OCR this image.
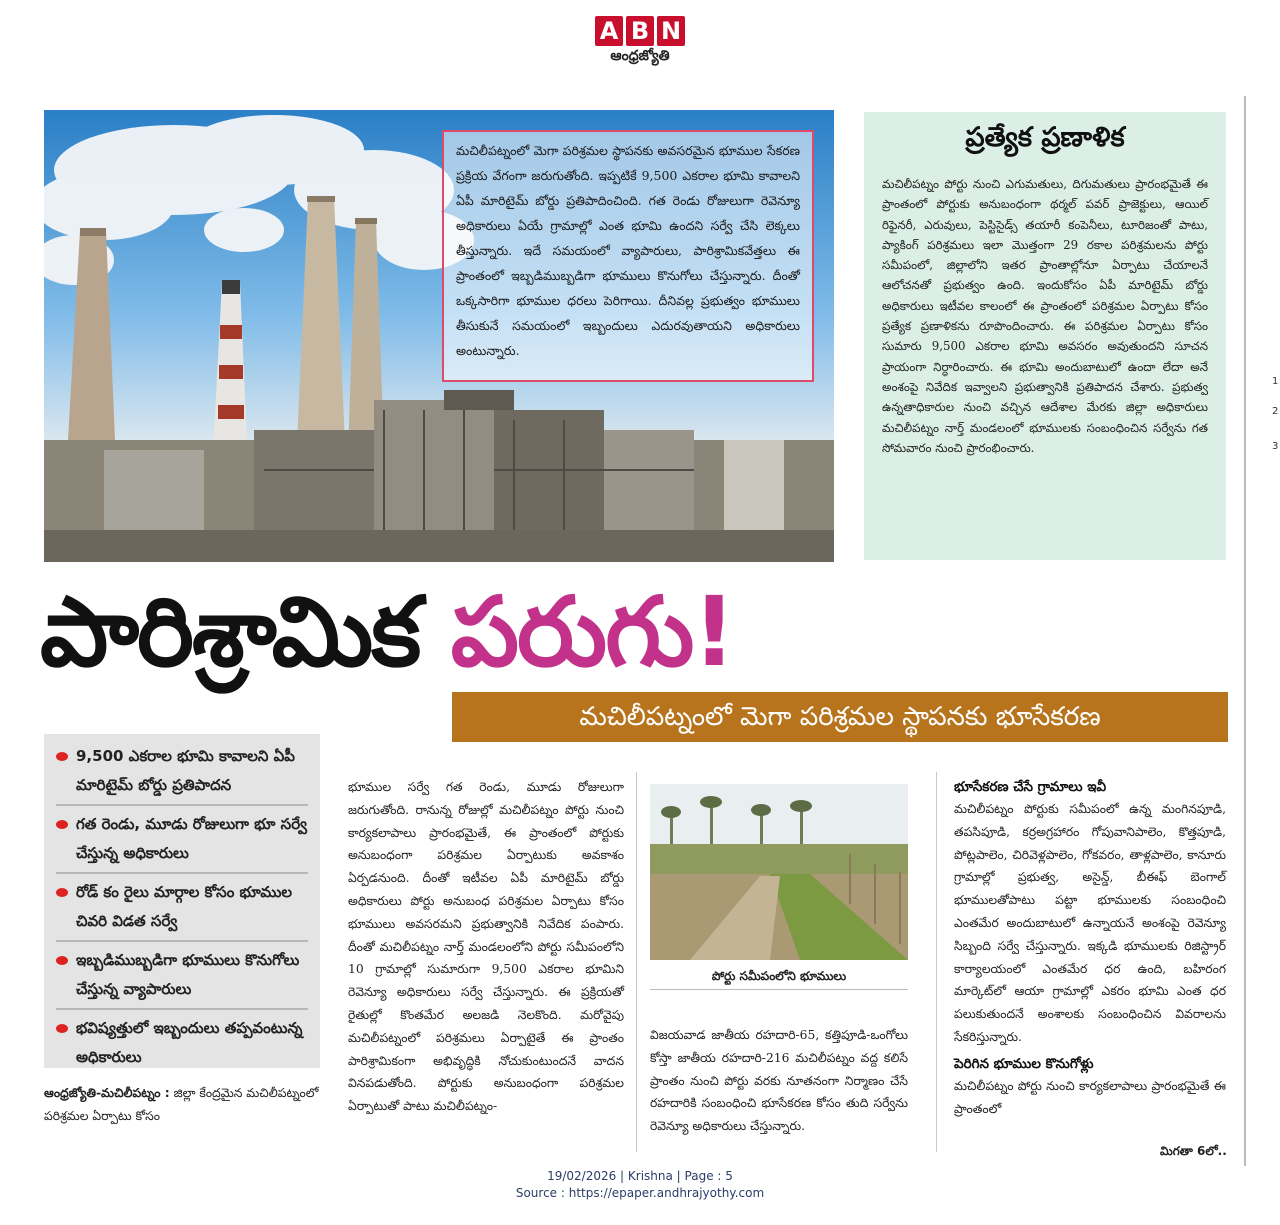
A B N
ఆంధ్రజ్యోతి

మచిలీపట్నంలో మెగా పరిశ్రమల స్థాపనకు అవసరమైన భూముల సేకరణ ప్రక్రియ వేగంగా జరుగుతోంది. ఇప్పటికే 9,500 ఎకరాల భూమి కావాలని ఏపీ మారిటైమ్‌ బోర్డు ప్రతిపాదించింది. గత రెండు రోజులుగా రెవెన్యూ అధికారులు ఏయే గ్రామాల్లో ఎంత భూమి ఉందని సర్వే చేసి లెక్కలు తీస్తున్నారు. ఇదే సమయంలో వ్యాపారులు, పారిశ్రామికవేత్తలు ఈ ప్రాంతంలో ఇబ్బడిముబ్బడిగా భూములు కొనుగోలు చేస్తున్నారు. దీంతో ఒక్కసారిగా భూముల ధరలు పెరిగాయి. దీనివల్ల ప్రభుత్వం భూములు తీసుకునే సమయంలో ఇబ్బందులు ఎదురవుతాయని అధికారులు అంటున్నారు.

ప్రత్యేక ప్రణాళిక

మచిలీపట్నం పోర్టు నుంచి ఎగుమతులు, దిగుమతులు ప్రారంభమైతే ఈ ప్రాంతంలో పోర్టుకు అనుబంధంగా థర్మల్‌ పవర్‌ ప్రాజెక్టులు, ఆయిల్‌ రిఫైనరీ, ఎరువులు, పెస్టిసైడ్స్‌ తయారీ కంపెనీలు, టూరిజంతో పాటు, ప్యాకింగ్‌ పరిశ్రమలు ఇలా మొత్తంగా 29 రకాల పరిశ్రమలను పోర్టు సమీపంలో, జిల్లాలోని ఇతర ప్రాంతాల్లోనూ ఏర్పాటు చేయాలనే ఆలోచనతో ప్రభుత్వం ఉంది. ఇందుకోసం ఏపీ మారిటైమ్‌ బోర్డు అధికారులు ఇటీవల కాలంలో ఈ ప్రాంతంలో పరిశ్రమల ఏర్పాటు కోసం ప్రత్యేక ప్రణాళికను రూపొందించారు. ఈ పరిశ్రమల ఏర్పాటు కోసం సుమారు 9,500 ఎకరాల భూమి అవసరం అవుతుందని సూచన ప్రాయంగా నిర్ధారించారు. ఈ భూమి అందుబాటులో ఉందా లేదా అనే అంశంపై నివేదిక ఇవ్వాలని ప్రభుత్వానికి ప్రతిపాదన చేశారు. ప్రభుత్వ ఉన్నతాధికారుల నుంచి వచ్చిన ఆదేశాల మేరకు జిల్లా అధికారులు మచిలీపట్నం నార్త్‌ మండలంలో భూములకు సంబంధించిన సర్వేను గత సోమవారం నుంచి ప్రారంభించారు.

పారిశ్రామిక పరుగు!
మచిలీపట్నంలో మెగా పరిశ్రమల స్థాపనకు భూసేకరణ
9,500 ఎకరాల భూమి కావాలని ఏపీ మారిటైమ్‌ బోర్డు ప్రతిపాదన
గత రెండు, మూడు రోజులుగా భూ సర్వే చేస్తున్న అధికారులు
రోడ్‌ కం రైలు మార్గాల కోసం భూముల చివరి విడత సర్వే
ఇబ్బడిముబ్బడిగా భూములు కొనుగోలు చేస్తున్న వ్యాపారులు
భవిష్యత్తులో ఇబ్బందులు తప్పవంటున్న అధికారులు
ఆంధ్రజ్యోతి-మచిలీపట్నం : జిల్లా కేంద్రమైన మచిలీపట్నంలో పరిశ్రమల ఏర్పాటు కోసం
భూముల సర్వే గత రెండు, మూడు రోజులుగా జరుగుతోంది. రానున్న రోజుల్లో మచిలీపట్నం పోర్టు నుంచి కార్యకలాపాలు ప్రారంభమైతే, ఈ ప్రాంతంలో పోర్టుకు అనుబంధంగా పరిశ్రమల ఏర్పాటుకు అవకాశం ఏర్పడనుంది. దీంతో ఇటీవల ఏపీ మారిటైమ్‌ బోర్డు అధికారులు పోర్టు అనుబంధ పరిశ్రమల ఏర్పాటు కోసం భూములు అవసరమని ప్రభుత్వానికి నివేదిక పంపారు. దీంతో మచిలీపట్నం నార్త్‌ మండలంలోని పోర్టు సమీపంలోని 10 గ్రామాల్లో సుమారుగా 9,500 ఎకరాల భూమిని రెవెన్యూ అధికారులు సర్వే చేస్తున్నారు. ఈ ప్రక్రియతో రైతుల్లో కొంతమేర అలజడి నెలకొంది. మరోవైపు మచిలీపట్నంలో పరిశ్రమలు ఏర్పాటైతే ఈ ప్రాంతం పారిశ్రామికంగా అభివృద్ధికి నోచుకుంటుందనే వాదన వినపడుతోంది. పోర్టుకు అనుబంధంగా పరిశ్రమల ఏర్పాటుతో పాటు మచిలీపట్నం-
పోర్టు సమీపంలోని భూములు
విజయవాడ జాతీయ రహదారి-65, కత్తిపూడి-ఒంగోలు కోస్తా జాతీయ రహదారి-216 మచిలీపట్నం వద్ద కలిసే ప్రాంతం నుంచి పోర్టు వరకు నూతనంగా నిర్మాణం చేసే రహదారికి సంబంధించి భూసేకరణ కోసం తుది సర్వేను రెవెన్యూ అధికారులు చేస్తున్నారు.
భూసేకరణ చేసే గ్రామాలు ఇవీ

మచిలీపట్నం పోర్టుకు సమీపంలో ఉన్న మంగినపూడి, తపసిపూడి, కర్ర‌అగ్రహారం గోపువానిపాలెం, కొత్తపూడి, పోట్లపాలెం, చిరివెళ్లపాలెం, గోకవరం, తాళ్లపాలెం, కానూరు గ్రామాల్లో ప్రభుత్వ, అసైన్డ్‌, బీఈఫ్‌ బెంగాల్‌ భూములతోపాటు పట్టా భూములకు సంబంధించి ఎంతమేర అందుబాటులో ఉన్నాయనే అంశంపై రెవెన్యూ సిబ్బంది సర్వే చేస్తున్నారు. ఇక్కడి భూములకు రిజిస్ట్రార్‌ కార్యాలయంలో ఎంతమేర ధర ఉంది, బహిరంగ మార్కెట్‌లో ఆయా గ్రామాల్లో ఎకరం భూమి ఎంత ధర పలుకుతుందనే అంశాలకు సంబంధించిన వివరాలను సేకరిస్తున్నారు.

పెరిగిన భూముల కొనుగోళ్లు

మచిలీపట్నం పోర్టు నుంచి కార్యకలాపాలు ప్రారంభమైతే ఈ ప్రాంతంలో

మిగతా 6లో..
1
2
3
19/02/2026 | Krishna | Page : 5
Source : https://epaper.andhrajyothy.com
